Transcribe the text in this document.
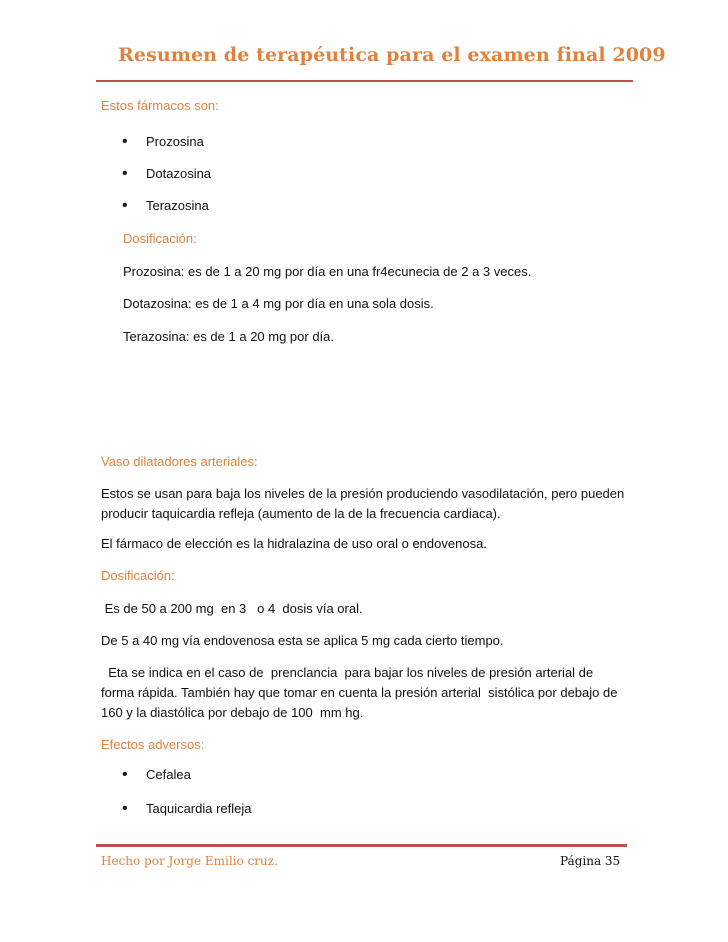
Resumen de terapéutica para el examen final 2009
Estos fármacos son:
• Prozosina
• Dotazosina
• Terazosina
Dosificación:
Prozosina: es de 1 a 20 mg por día en una fr4ecunecia de 2 a 3 veces.
Dotazosina: es de 1 a 4 mg por día en una sola dosis.
Terazosina: es de 1 a 20 mg por día.
Vaso dilatadores arteriales:
Estos se usan para baja los niveles de la presión produciendo vasodilatación, pero pueden producir taquicardia refleja (aumento de la de la frecuencia cardiaca).
El fármaco de elección es la hidralazina de uso oral o endovenosa.
Dosificación:
Es de 50 a 200 mg  en 3   o 4  dosis vía oral.
De 5 a 40 mg vía endovenosa esta se aplica 5 mg cada cierto tiempo.
Eta se indica en el caso de  prenclancia  para bajar los niveles de presión arterial de forma rápida. También hay que tomar en cuenta la presión arterial  sistólica por debajo de 160 y la diastólica por debajo de 100  mm hg.
Efectos adversos:
• Cefalea
• Taquicardia refleja
Hecho por Jorge Emilio cruz.	Página 35
